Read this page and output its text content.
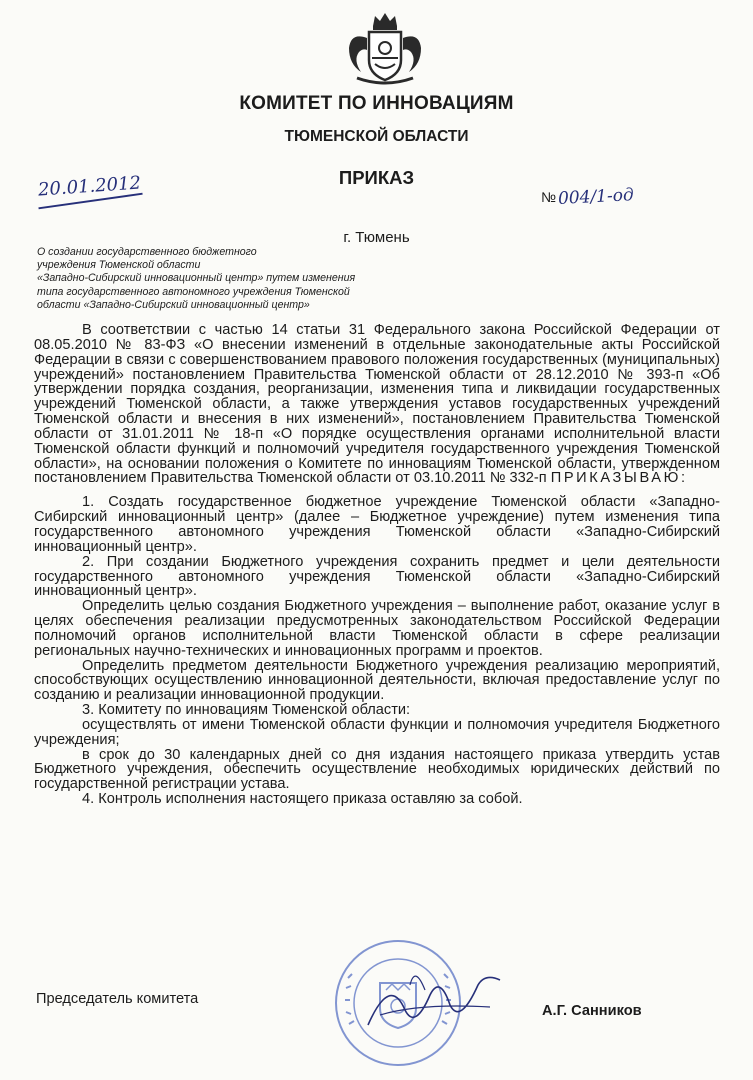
КОМИТЕТ ПО ИННОВАЦИЯМ
ТЮМЕНСКОЙ ОБЛАСТИ
ПРИКАЗ
20.01.2012	№ 004/1-од
г. Тюмень
О создании государственного бюджетного
учреждения Тюменской области
«Западно-Сибирский инновационный центр» путем изменения
типа государственного автономного учреждения Тюменской
области «Западно-Сибирский инновационный центр»
В соответствии с частью 14 статьи 31 Федерального закона Российской Федерации от 08.05.2010 № 83-ФЗ «О внесении изменений в отдельные законодательные акты Российской Федерации в связи с совершенствованием правового положения государственных (муниципальных) учреждений» постановлением Правительства Тюменской области от 28.12.2010 № 393-п «Об утверждении порядка создания, реорганизации, изменения типа и ликвидации государственных учреждений Тюменской области, а также утверждения уставов государственных учреждений Тюменской области и внесения в них изменений», постановлением Правительства Тюменской области от 31.01.2011 № 18-п «О порядке осуществления органами исполнительной власти Тюменской области функций и полномочий учредителя государственного учреждения Тюменской области», на основании положения о Комитете по инновациям Тюменской области, утвержденном постановлением Правительства Тюменской области от 03.10.2011 № 332-п ПРИКАЗЫВАЮ:
1. Создать государственное бюджетное учреждение Тюменской области «Западно-Сибирский инновационный центр» (далее – Бюджетное учреждение) путем изменения типа государственного автономного учреждения Тюменской области «Западно-Сибирский инновационный центр».
2. При создании Бюджетного учреждения сохранить предмет и цели деятельности государственного автономного учреждения Тюменской области «Западно-Сибирский инновационный центр».
Определить целью создания Бюджетного учреждения – выполнение работ, оказание услуг в целях обеспечения реализации предусмотренных законодательством Российской Федерации полномочий органов исполнительной власти Тюменской области в сфере реализации региональных научно-технических и инновационных программ и проектов.
Определить предметом деятельности Бюджетного учреждения реализацию мероприятий, способствующих осуществлению инновационной деятельности, включая предоставление услуг по созданию и реализации инновационной продукции.
3. Комитету по инновациям Тюменской области:
осуществлять от имени Тюменской области функции и полномочия учредителя Бюджетного учреждения;
в срок до 30 календарных дней со дня издания настоящего приказа утвердить устав Бюджетного учреждения, обеспечить осуществление необходимых юридических действий по государственной регистрации устава.
4. Контроль исполнения настоящего приказа оставляю за собой.
Председатель комитета
А.Г. Санников
